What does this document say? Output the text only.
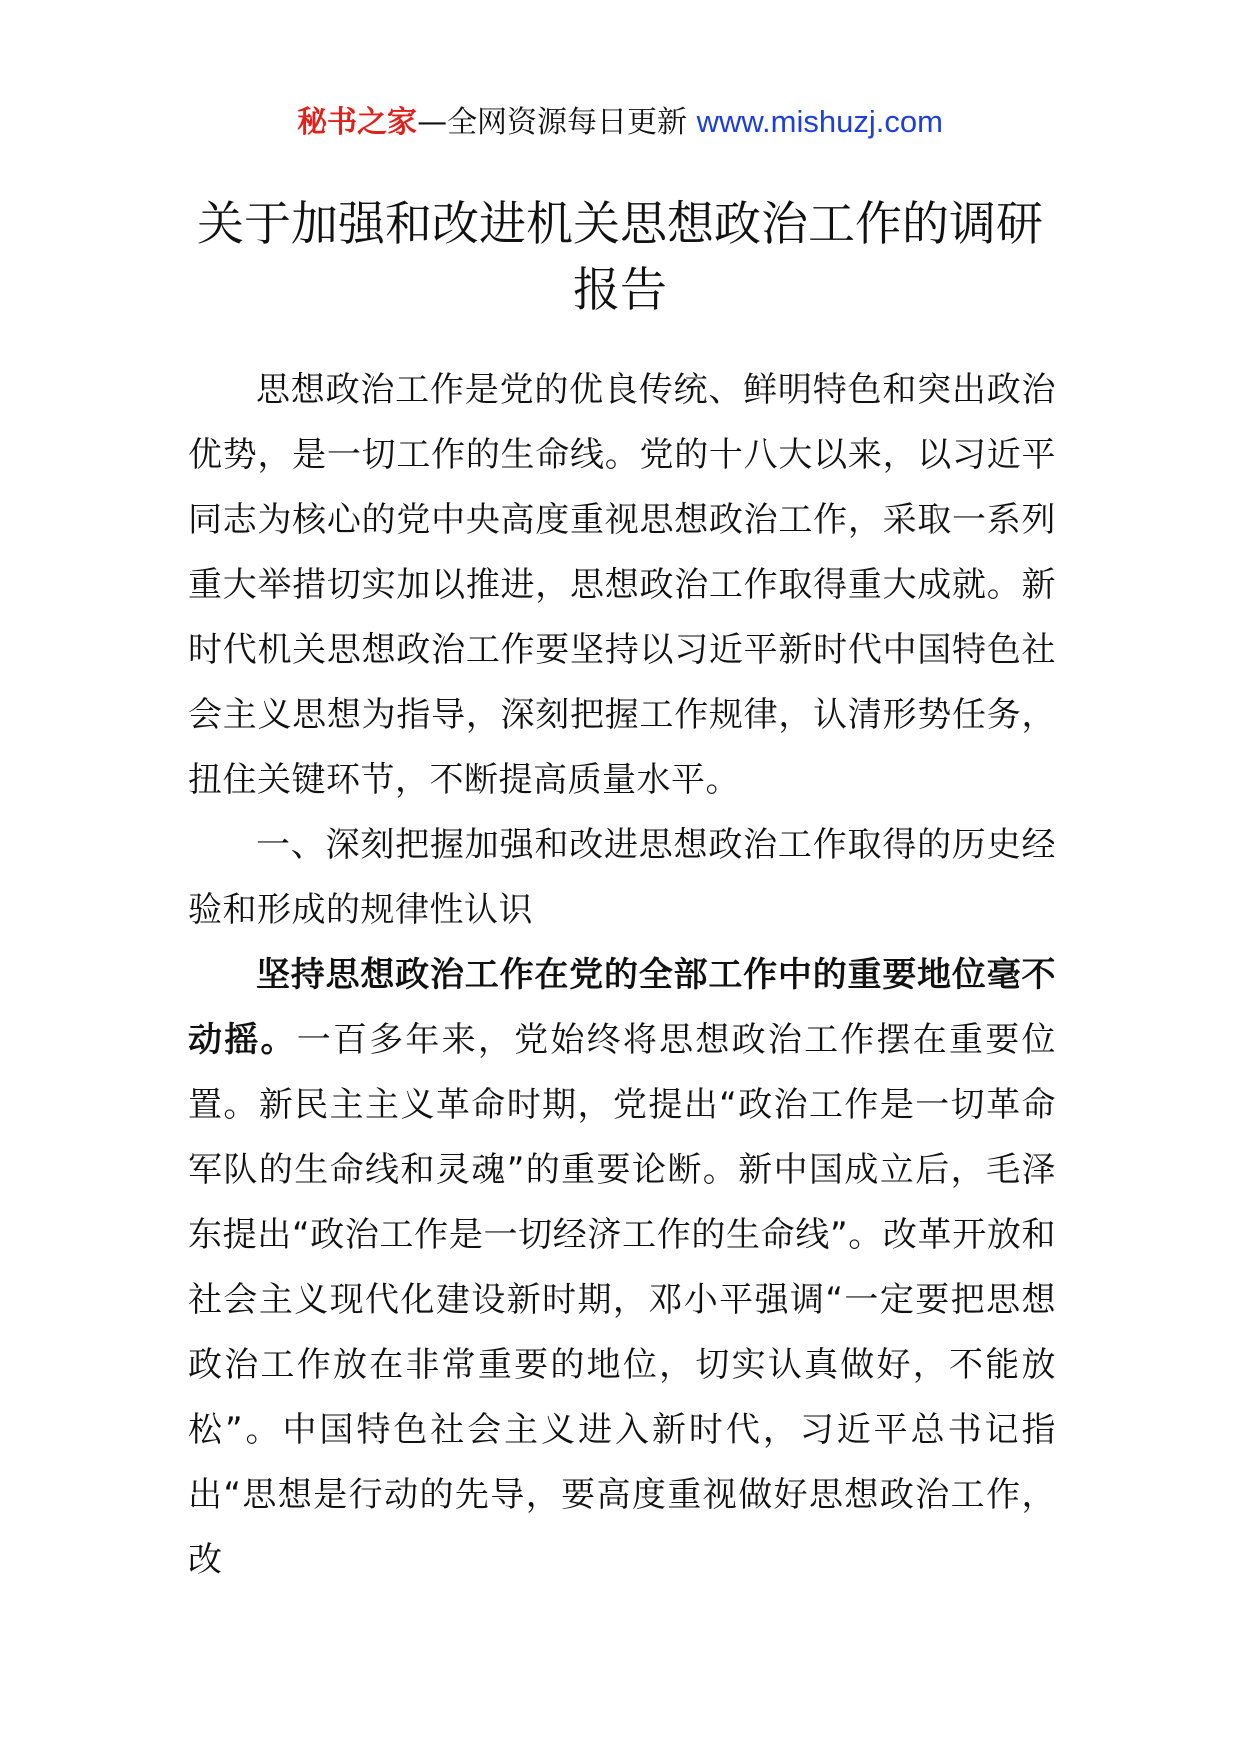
秘书之家—全网资源每日更新 www.mishuzj.com
关于加强和改进机关思想政治工作的调研报告

思想政治工作是党的优良传统、鲜明特色和突出政治优势，是一切工作的生命线。党的十八大以来，以习近平同志为核心的党中央高度重视思想政治工作，采取一系列重大举措切实加以推进，思想政治工作取得重大成就。新时代机关思想政治工作要坚持以习近平新时代中国特色社会主义思想为指导，深刻把握工作规律，认清形势任务，扭住关键环节，不断提高质量水平。

一、深刻把握加强和改进思想政治工作取得的历史经验和形成的规律性认识

坚持思想政治工作在党的全部工作中的重要地位毫不动摇。一百多年来，党始终将思想政治工作摆在重要位置。新民主主义革命时期，党提出“政治工作是一切革命军队的生命线和灵魂”的重要论断。新中国成立后，毛泽东提出“政治工作是一切经济工作的生命线”。改革开放和社会主义现代化建设新时期，邓小平强调“一定要把思想政治工作放在非常重要的地位，切实认真做好，不能放松”。中国特色社会主义进入新时代，习近平总书记指出“思想是行动的先导，要高度重视做好思想政治工作，改
